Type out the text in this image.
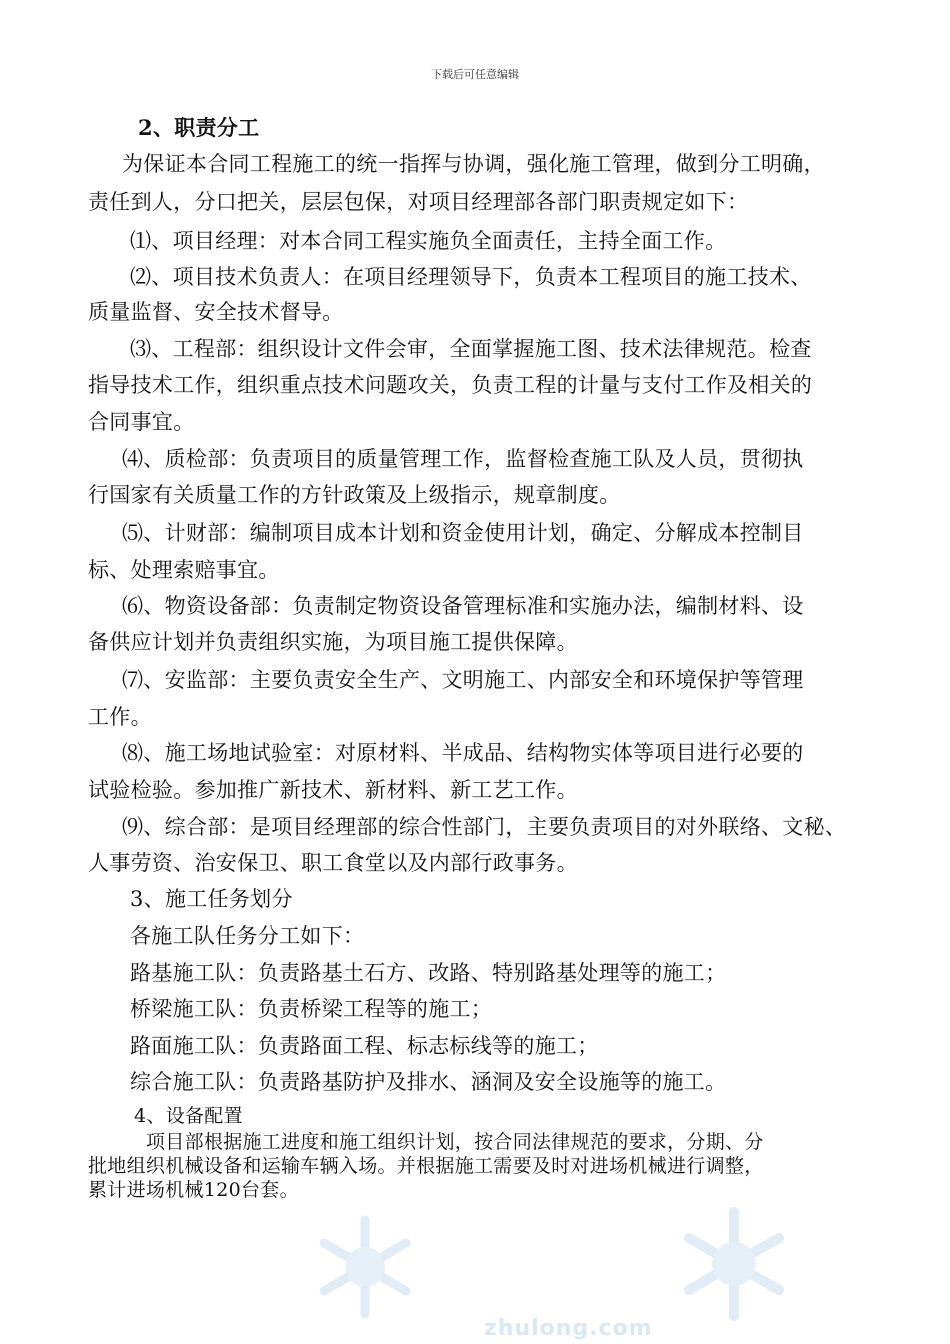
下载后可任意编辑
2、职责分工
为保证本合同工程施工的统一指挥与协调，强化施工管理，做到分工明确，
责任到人，分口把关，层层包保，对项目经理部各部门职责规定如下：
⑴、项目经理：对本合同工程实施负全面责任，主持全面工作。
⑵、项目技术负责人：在项目经理领导下，负责本工程项目的施工技术、
质量监督、安全技术督导。
⑶、工程部：组织设计文件会审，全面掌握施工图、技术法律规范。检查
指导技术工作，组织重点技术问题攻关，负责工程的计量与支付工作及相关的
合同事宜。
⑷、质检部：负责项目的质量管理工作，监督检查施工队及人员，贯彻执
行国家有关质量工作的方针政策及上级指示，规章制度。
⑸、计财部：编制项目成本计划和资金使用计划，确定、分解成本控制目
标、处理索赔事宜。
⑹、物资设备部：负责制定物资设备管理标准和实施办法，编制材料、设
备供应计划并负责组织实施，为项目施工提供保障。
⑺、安监部：主要负责安全生产、文明施工、内部安全和环境保护等管理
工作。
⑻、施工场地试验室：对原材料、半成品、结构物实体等项目进行必要的
试验检验。参加推广新技术、新材料、新工艺工作。
⑼、综合部：是项目经理部的综合性部门，主要负责项目的对外联络、文秘、
人事劳资、治安保卫、职工食堂以及内部行政事务。
3、施工任务划分
各施工队任务分工如下：
路基施工队：负责路基土石方、改路、特别路基处理等的施工；
桥梁施工队：负责桥梁工程等的施工；
路面施工队：负责路面工程、标志标线等的施工；
综合施工队：负责路基防护及排水、涵洞及安全设施等的施工。
4、设备配置
项目部根据施工进度和施工组织计划，按合同法律规范的要求，分期、分
批地组织机械设备和运输车辆入场。并根据施工需要及时对进场机械进行调整，
累计进场机械120台套。
zhulong.com
